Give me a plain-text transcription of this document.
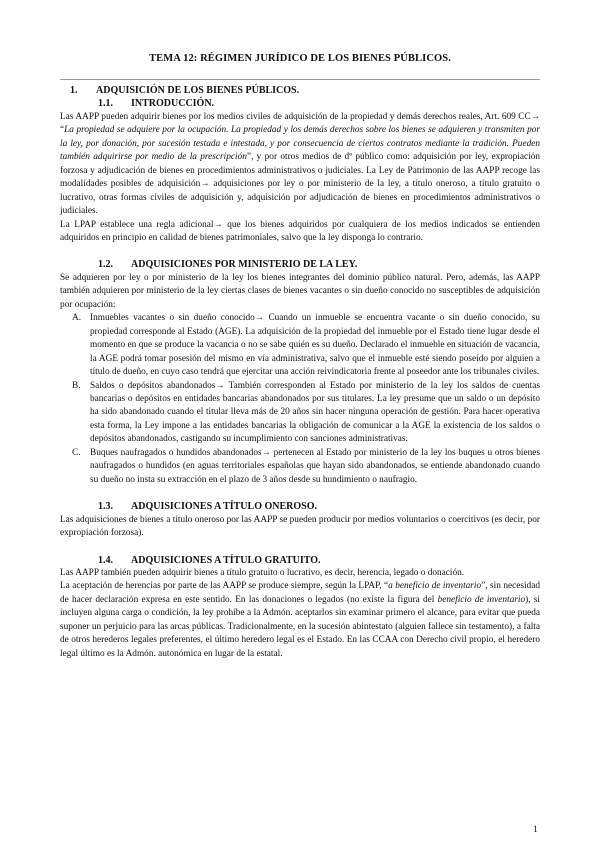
TEMA 12: RÉGIMEN JURÍDICO DE LOS BIENES PÚBLICOS.
1. ADQUISICIÓN DE LOS BIENES PÚBLICOS.
1.1. INTRODUCCIÓN.

Las AAPP pueden adquirir bienes por los medios civiles de adquisición de la propiedad y demás derechos reales, Art. 609 CC→ “La propiedad se adquiere por la ocupación. La propiedad y los demás derechos sobre los bienes se adquieren y transmiten por la ley, por donación, por sucesión testada e intestada, y por consecuencia de ciertos contratos mediante la tradición. Pueden también adquirirse por medio de la prescripción”, y por otros medios de dº público como: adquisición por ley, expropiación forzosa y adjudicación de bienes en procedimientos administrativos o judiciales. La Ley de Patrimonio de las AAPP recoge las modalidades posibles de adquisición→ adquisiciones por ley o por ministerio de la ley, a título oneroso, a título gratuito o lucrativo, otras formas civiles de adquisición y, adquisición por adjudicación de bienes en procedimientos administrativos o judiciales.

La LPAP establece una regla adicional→ que los bienes adquiridos por cualquiera de los medios indicados se entienden adquiridos en principio en calidad de bienes patrimoniales, salvo que la ley disponga lo contrario.

1.2. ADQUISICIONES POR MINISTERIO DE LA LEY.

Se adquieren por ley o por ministerio de la ley los bienes integrantes del dominio público natural. Pero, además, las AAPP también adquieren por ministerio de la ley ciertas clases de bienes vacantes o sin dueño conocido no susceptibles de adquisición por ocupación:

A. Inmuebles vacantes o sin dueño conocido→ Cuando un inmueble se encuentra vacante o sin dueño conocido, su propiedad corresponde al Estado (AGE). La adquisición de la propiedad del inmueble por el Estado tiene lugar desde el momento en que se produce la vacancia o no se sabe quién es su dueño. Declarado el inmueble en situación de vacancia, la AGE podrá tomar posesión del mismo en vía administrativa, salvo que el inmueble esté siendo poseído por alguien a título de dueño, en cuyo caso tendrá que ejercitar una acción reivindicatoria frente al poseedor ante los tribunales civiles.
B. Saldos o depósitos abandonados→ También corresponden al Estado por ministerio de la ley los saldos de cuentas bancarias o depósitos en entidades bancarias abandonados por sus titulares. La ley presume que un saldo o un depósito ha sido abandonado cuando el titular lleva más de 20 años sin hacer ninguna operación de gestión. Para hacer operativa esta forma, la Ley impone a las entidades bancarias la obligación de comunicar a la AGE la existencia de los saldos o depósitos abandonados, castigando su incumplimiento con sanciones administrativas.
C. Buques naufragados o hundidos abandonados→ pertenecen al Estado por ministerio de la ley los buques u otros bienes naufragados o hundidos (en aguas territoriales españolas que hayan sido abandonados, se entiende abandonado cuando su dueño no insta su extracción en el plazo de 3 años desde su hundimiento o naufragio.
1.3. ADQUISICIONES A TÍTULO ONEROSO.

Las adquisiciones de bienes a título oneroso por las AAPP se pueden producir por medios voluntarios o coercitivos (es decir, por expropiación forzosa).

1.4. ADQUISICIONES A TÍTULO GRATUITO.

Las AAPP también pueden adquirir bienes a título gratuito o lucrativo, es decir, herencia, legado o donación.

La aceptación de herencias por parte de las AAPP se produce siempre, según la LPAP, “a beneficio de inventario”, sin necesidad de hacer declaración expresa en este sentido. En las donaciones o legados (no existe la figura del beneficio de inventario), si incluyen alguna carga o condición, la ley prohíbe a la Admón. aceptarlos sin examinar primero el alcance, para evitar que pueda suponer un perjuicio para las arcas públicas. Tradicionalmente, en la sucesión abintestato (alguien fallece sin testamento), a falta de otros herederos legales preferentes, el último heredero legal es el Estado. En las CCAA con Derecho civil propio, el heredero legal último es la Admón. autonómica en lugar de la estatal.

1
